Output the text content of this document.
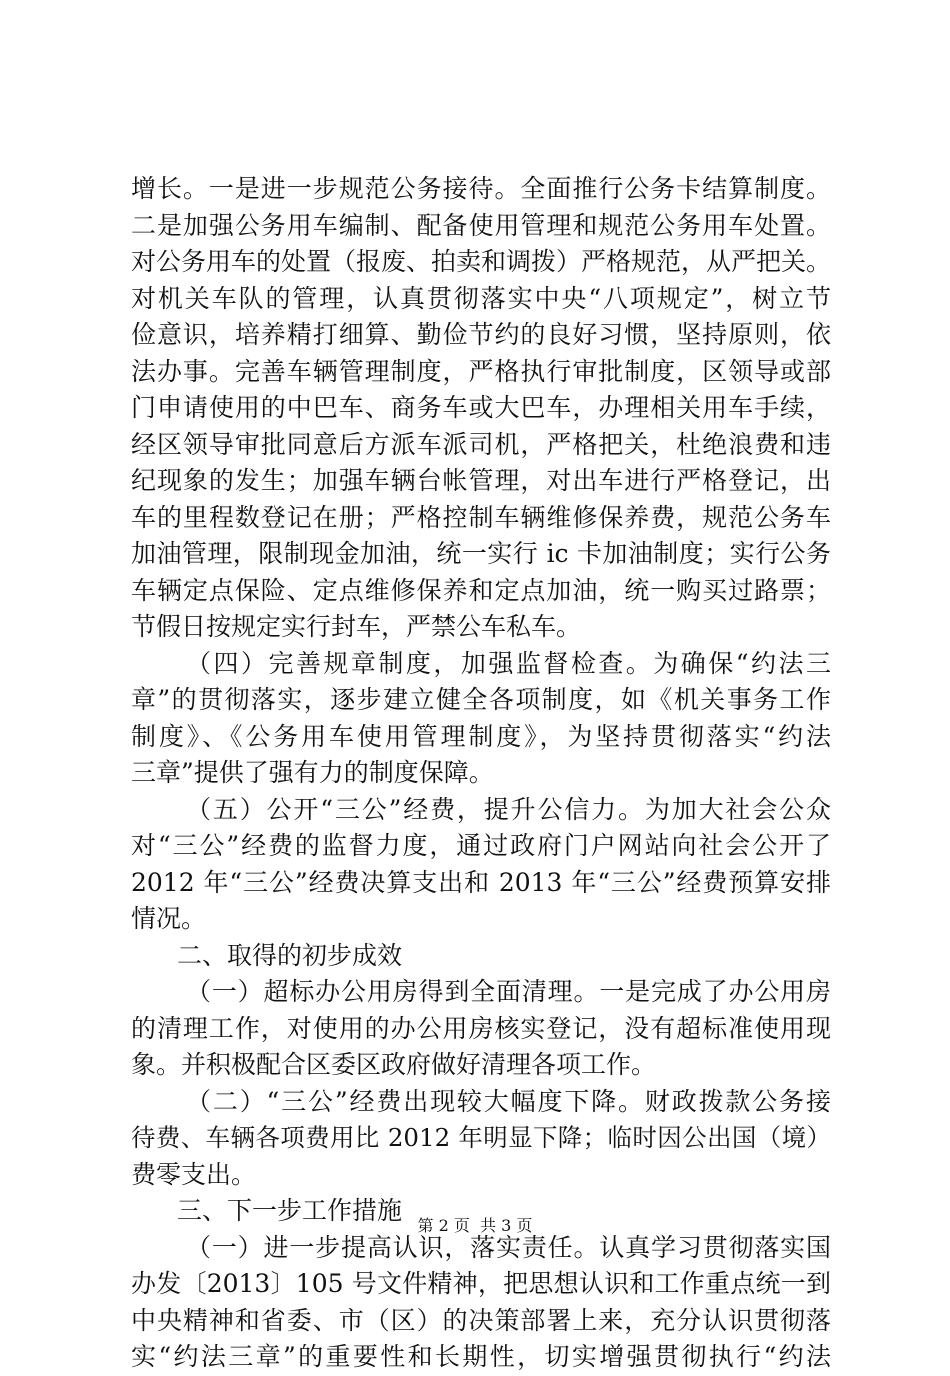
增长。一是进一步规范公务接待。全面推行公务卡结算制度。
二是加强公务用车编制、配备使用管理和规范公务用车处置。
对公务用车的处置（报废、拍卖和调拨）严格规范，从严把关。
对机关车队的管理，认真贯彻落实中央“八项规定”，树立节
俭意识，培养精打细算、勤俭节约的良好习惯，坚持原则，依
法办事。完善车辆管理制度，严格执行审批制度，区领导或部
门申请使用的中巴车、商务车或大巴车，办理相关用车手续，
经区领导审批同意后方派车派司机，严格把关，杜绝浪费和违
纪现象的发生；加强车辆台帐管理，对出车进行严格登记，出
车的里程数登记在册；严格控制车辆维修保养费，规范公务车
加油管理，限制现金加油，统一实行 ic 卡加油制度；实行公务
车辆定点保险、定点维修保养和定点加油，统一购买过路票；
节假日按规定实行封车，严禁公车私车。
（四）完善规章制度，加强监督检查。为确保“约法三
章”的贯彻落实，逐步建立健全各项制度，如《机关事务工作
制度》、《公务用车使用管理制度》，为坚持贯彻落实“约法
三章”提供了强有力的制度保障。
（五）公开“三公”经费，提升公信力。为加大社会公众
对“三公”经费的监督力度，通过政府门户网站向社会公开了
2012 年“三公”经费决算支出和 2013 年“三公”经费预算安排
情况。
二、取得的初步成效
（一）超标办公用房得到全面清理。一是完成了办公用房
的清理工作，对使用的办公用房核实登记，没有超标准使用现
象。并积极配合区委区政府做好清理各项工作。
（二）“三公”经费出现较大幅度下降。财政拨款公务接
待费、车辆各项费用比 2012 年明显下降；临时因公出国（境）
费零支出。
三、下一步工作措施
（一）进一步提高认识，落实责任。认真学习贯彻落实国
办发〔2013〕105 号文件精神，把思想认识和工作重点统一到
中央精神和省委、市（区）的决策部署上来，充分认识贯彻落
实“约法三章”的重要性和长期性，切实增强贯彻执行“约法
第 2 页  共 3 页
